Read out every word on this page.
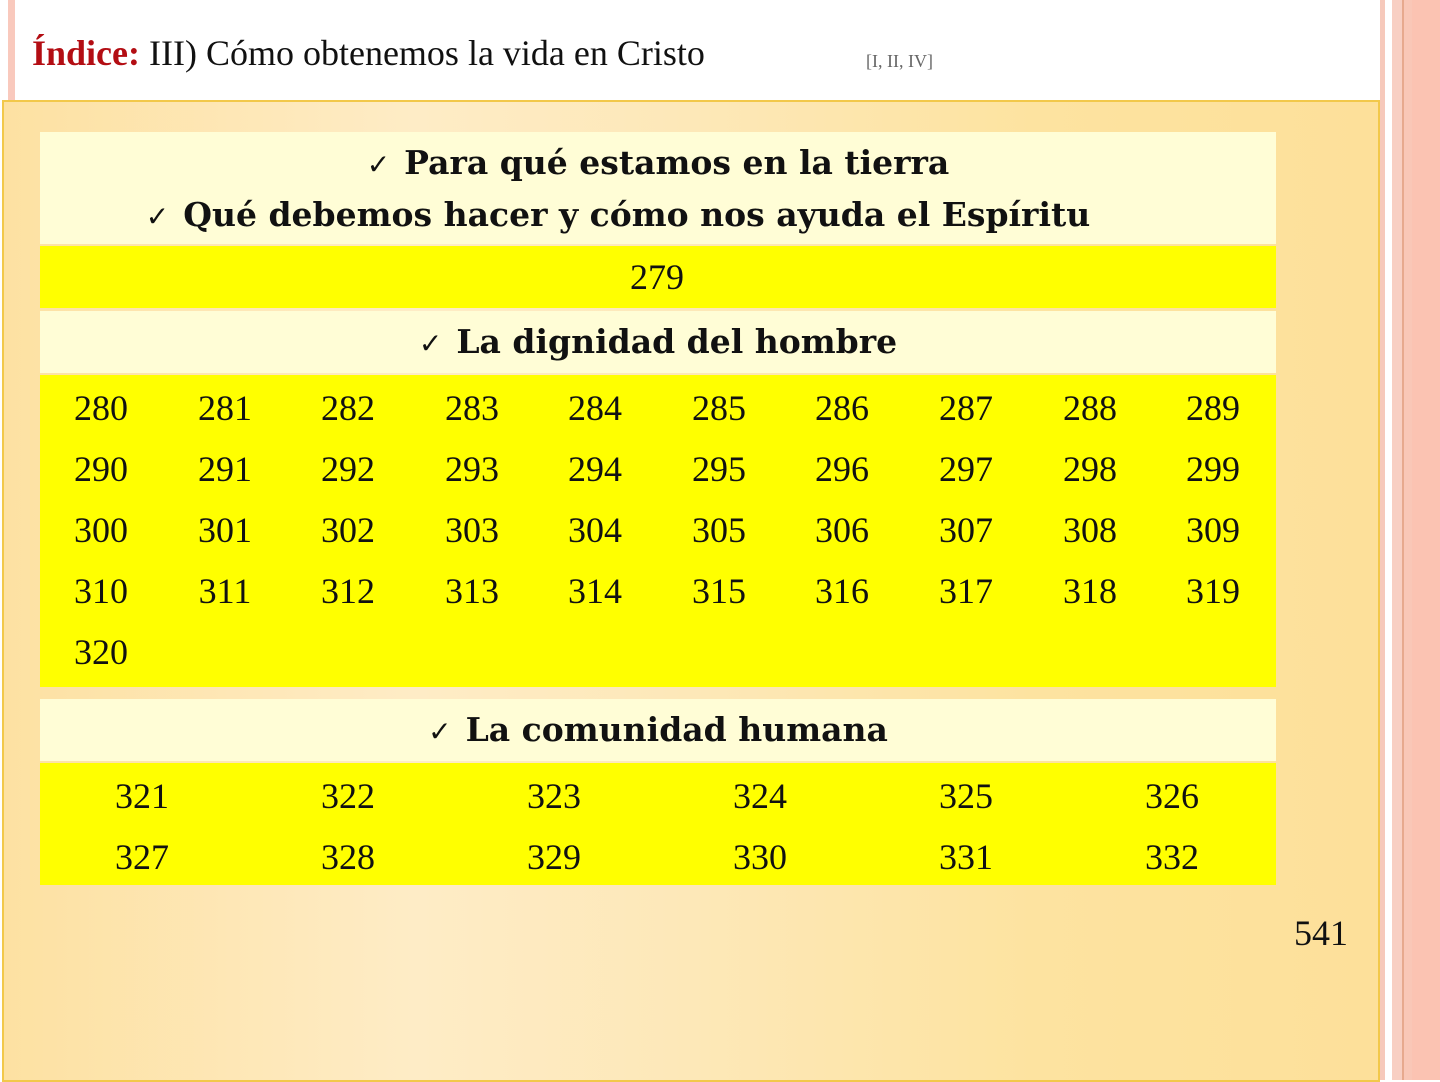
Índice: III) Cómo obtenemos la vida en Cristo	[I, II, IV]
✓ Para qué estamos en la tierra
✓ Qué debemos hacer y cómo nos ayuda el Espíritu
279
✓ La dignidad del hombre
280	281	282	283	284	285	286	287	288	289
290	291	292	293	294	295	296	297	298	299
300	301	302	303	304	305	306	307	308	309
310	311	312	313	314	315	316	317	318	319
320
✓ La comunidad humana
321	322	323	324	325	326
327	328	329	330	331	332
541
